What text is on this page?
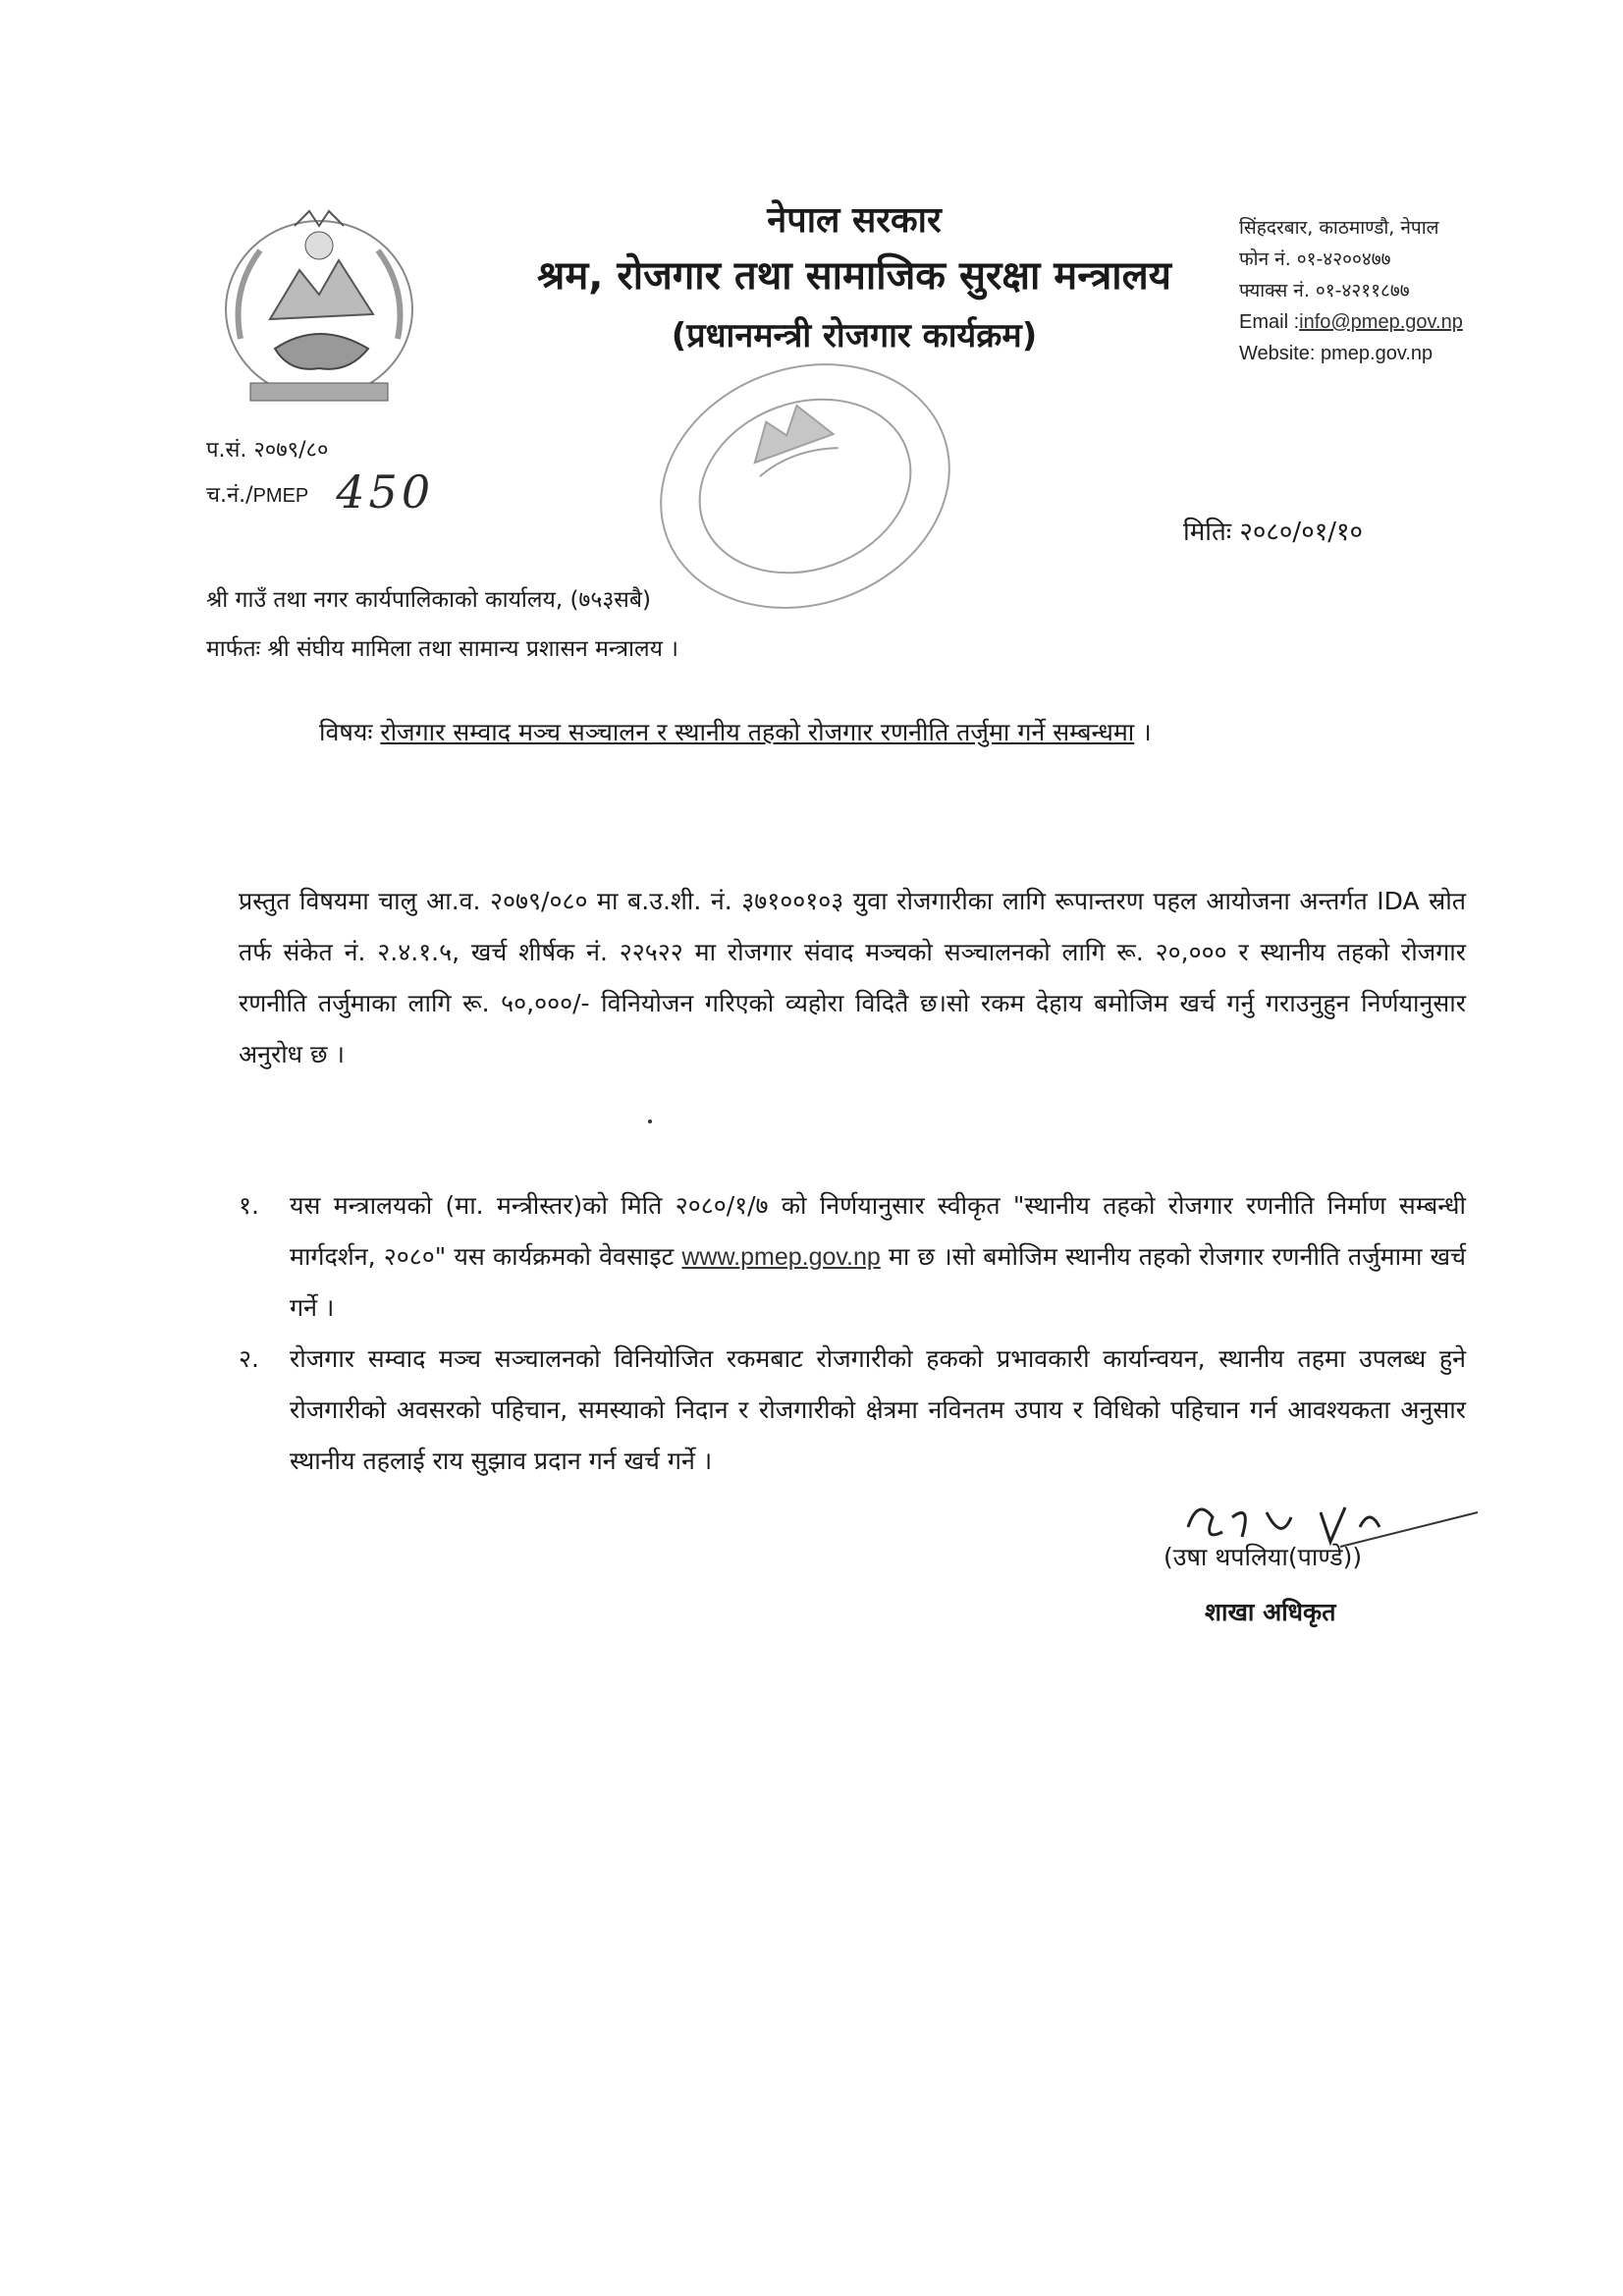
नेपाल सरकार
श्रम, रोजगार तथा सामाजिक सुरक्षा मन्त्रालय
(प्रधानमन्त्री रोजगार कार्यक्रम)
सिंहदरबार, काठमाण्डौ, नेपाल
फोन नं. ०१-४२००४७७
फ्याक्स नं. ०१-४२११८७७
Email :info@pmep.gov.np
Website: pmep.gov.np
प.सं. २०७९/८०
च.नं./PMEP 450
मितिः २०८०/०१/१०
श्री गाउँ तथा नगर कार्यपालिकाको कार्यालय, (७५३सबै)
मार्फतः श्री संघीय मामिला तथा सामान्य प्रशासन मन्त्रालय ।
विषयः रोजगार सम्वाद मञ्च सञ्चालन र स्थानीय तहको रोजगार रणनीति तर्जुमा गर्ने सम्बन्धमा ।
प्रस्तुत विषयमा चालु आ.व. २०७९/०८० मा ब.उ.शी. नं. ३७१००१०३ युवा रोजगारीका लागि रूपान्तरण पहल आयोजना अन्तर्गत IDA स्रोत तर्फ संकेत नं. २.४.१.५, खर्च शीर्षक नं. २२५२२ मा रोजगार संवाद मञ्चको सञ्चालनको लागि रू. २०,००० र स्थानीय तहको रोजगार रणनीति तर्जुमाका लागि रू. ५०,०००/- विनियोजन गरिएको व्यहोरा विदितै छ।सो रकम देहाय बमोजिम खर्च गर्नु गराउनुहुन निर्णयानुसार अनुरोध छ ।
१.	यस मन्त्रालयको (मा. मन्त्रीस्तर)को मिति २०८०/१/७ को निर्णयानुसार स्वीकृत "स्थानीय तहको रोजगार रणनीति निर्माण सम्बन्धी मार्गदर्शन, २०८०" यस कार्यक्रमको वेवसाइट www.pmep.gov.np मा छ ।सो बमोजिम स्थानीय तहको रोजगार रणनीति तर्जुमामा खर्च गर्ने ।
२.	रोजगार सम्वाद मञ्च सञ्चालनको विनियोजित रकमबाट रोजगारीको हकको प्रभावकारी कार्यान्वयन, स्थानीय तहमा उपलब्ध हुने रोजगारीको अवसरको पहिचान, समस्याको निदान र रोजगारीको क्षेत्रमा नविनतम उपाय र विधिको पहिचान गर्न आवश्यकता अनुसार स्थानीय तहलाई राय सुझाव प्रदान गर्न खर्च गर्ने ।
(उषा थपलिया(पाण्डे))
शाखा अधिकृत
